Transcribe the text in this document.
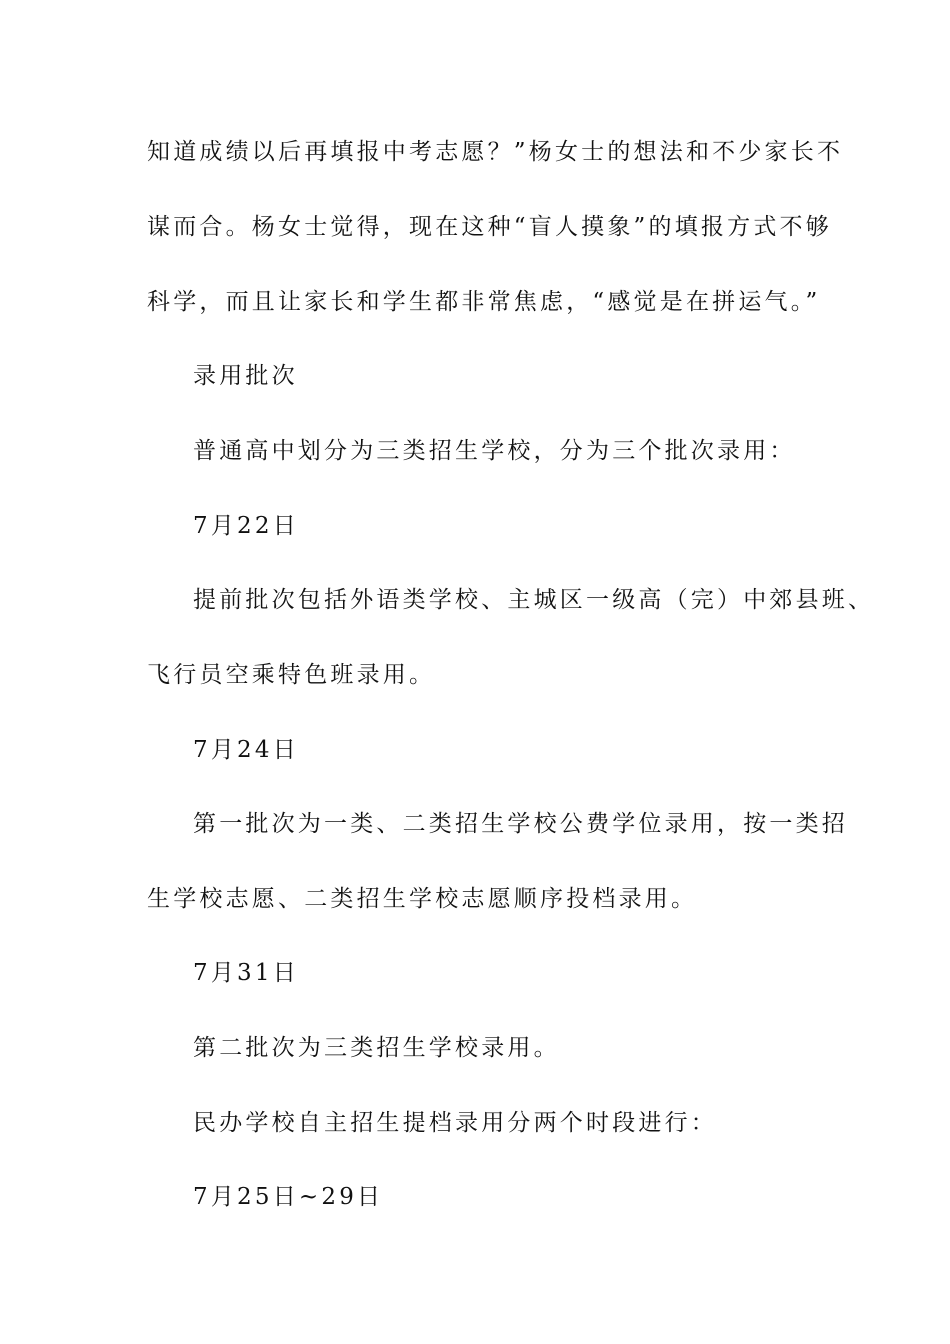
知道成绩以后再填报中考志愿？”杨女士的想法和不少家长不
谋而合。杨女士觉得，现在这种“盲人摸象”的填报方式不够
科学，而且让家长和学生都非常焦虑，“感觉是在拼运气。”
录用批次
普通高中划分为三类招生学校，分为三个批次录用：
7月22日
提前批次包括外语类学校、主城区一级高（完）中郊县班、
飞行员空乘特色班录用。
7月24日
第一批次为一类、二类招生学校公费学位录用，按一类招
生学校志愿、二类招生学校志愿顺序投档录用。
7月31日
第二批次为三类招生学校录用。
民办学校自主招生提档录用分两个时段进行：
7月25日~29日
